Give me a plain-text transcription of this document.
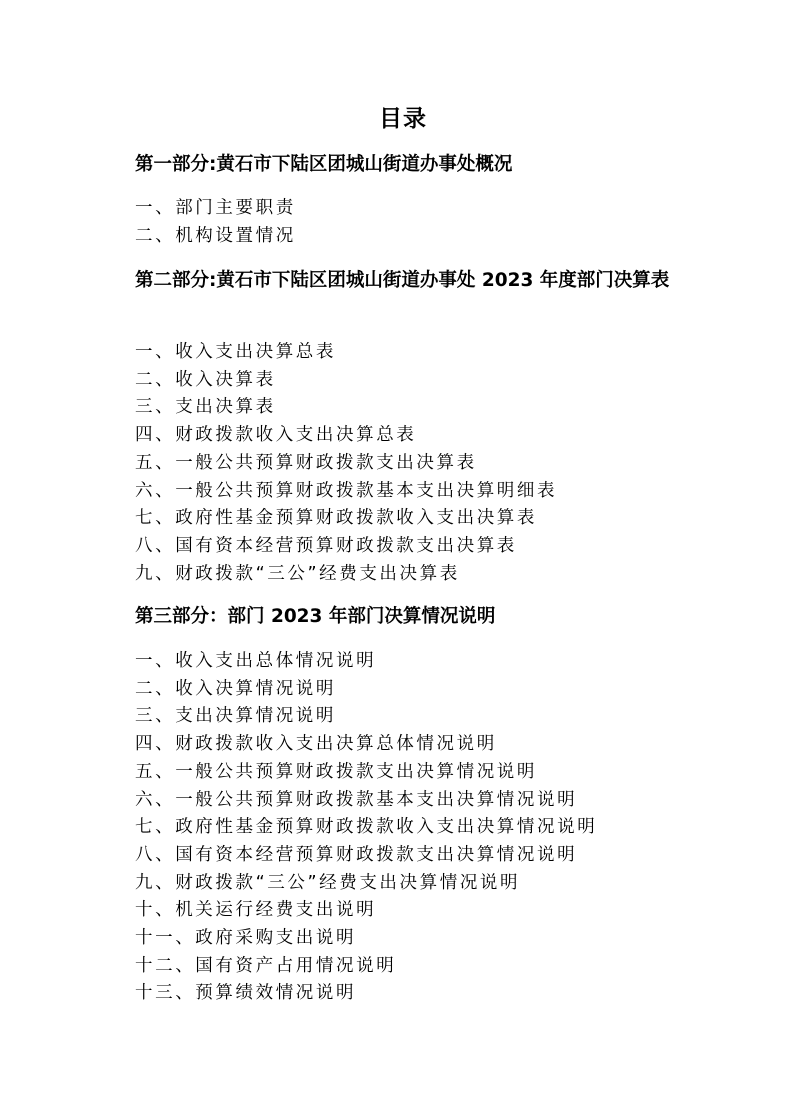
目录
第一部分:黄石市下陆区团城山街道办事处概况
一、部门主要职责
二、机构设置情况
第二部分:黄石市下陆区团城山街道办事处 2023 年度部门决算表
一、收入支出决算总表
二、收入决算表
三、支出决算表
四、财政拨款收入支出决算总表
五、一般公共预算财政拨款支出决算表
六、一般公共预算财政拨款基本支出决算明细表
七、政府性基金预算财政拨款收入支出决算表
八、国有资本经营预算财政拨款支出决算表
九、财政拨款“三公”经费支出决算表
第三部分：部门 2023 年部门决算情况说明
一、收入支出总体情况说明
二、收入决算情况说明
三、支出决算情况说明
四、财政拨款收入支出决算总体情况说明
五、一般公共预算财政拨款支出决算情况说明
六、一般公共预算财政拨款基本支出决算情况说明
七、政府性基金预算财政拨款收入支出决算情况说明
八、国有资本经营预算财政拨款支出决算情况说明
九、财政拨款“三公”经费支出决算情况说明
十、机关运行经费支出说明
十一、政府采购支出说明
十二、国有资产占用情况说明
十三、预算绩效情况说明
